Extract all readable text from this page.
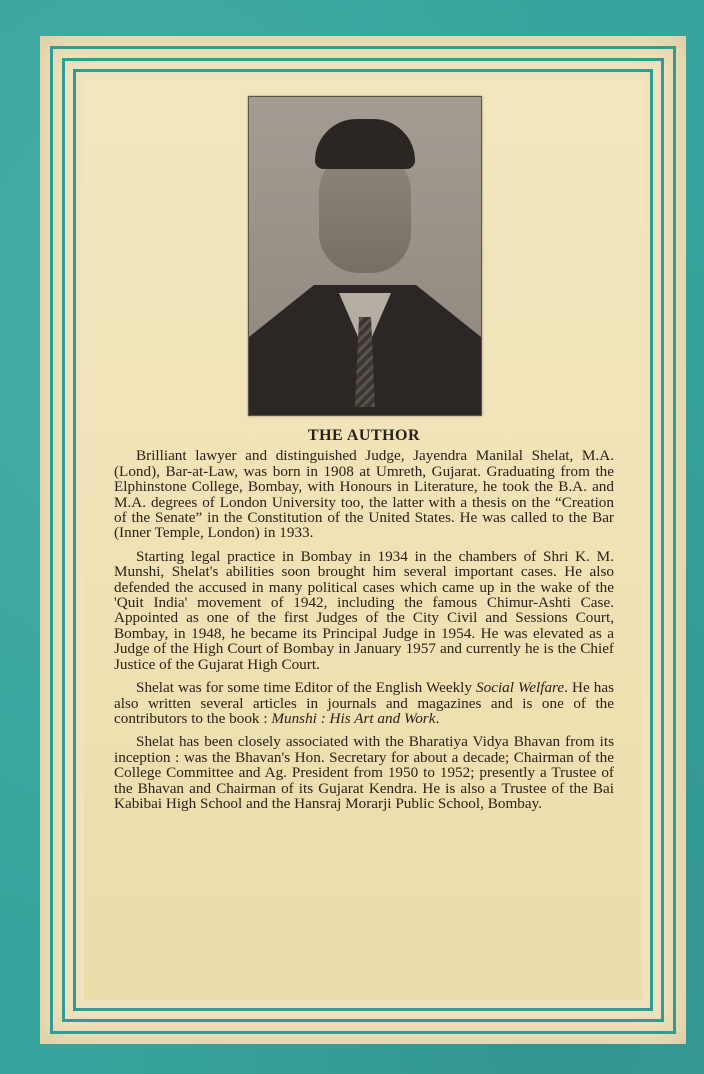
THE AUTHOR

Brilliant lawyer and distinguished Judge, Jayendra Manilal Shelat, M.A. (Lond), Bar-at-Law, was born in 1908 at Umreth, Gujarat. Graduating from the Elphinstone College, Bombay, with Honours in Literature, he took the B.A. and M.A. degrees of London University too, the latter with a thesis on the “Creation of the Senate” in the Constitution of the United States. He was called to the Bar (Inner Temple, London) in 1933.

Starting legal practice in Bombay in 1934 in the chambers of Shri K. M. Munshi, Shelat's abilities soon brought him several important cases. He also defended the accused in many political cases which came up in the wake of the 'Quit India' movement of 1942, including the famous Chimur-Ashti Case. Appointed as one of the first Judges of the City Civil and Sessions Court, Bombay, in 1948, he became its Principal Judge in 1954. He was elevated as a Judge of the High Court of Bombay in January 1957 and currently he is the Chief Justice of the Gujarat High Court.

Shelat was for some time Editor of the English Weekly Social Welfare. He has also written several articles in journals and magazines and is one of the contributors to the book : Munshi : His Art and Work.

Shelat has been closely associated with the Bharatiya Vidya Bhavan from its inception : was the Bhavan's Hon. Secretary for about a decade; Chairman of the College Committee and Ag. President from 1950 to 1952; presently a Trustee of the Bhavan and Chairman of its Gujarat Kendra. He is also a Trustee of the Bai Kabibai High School and the Hansraj Morarji Public School, Bombay.
